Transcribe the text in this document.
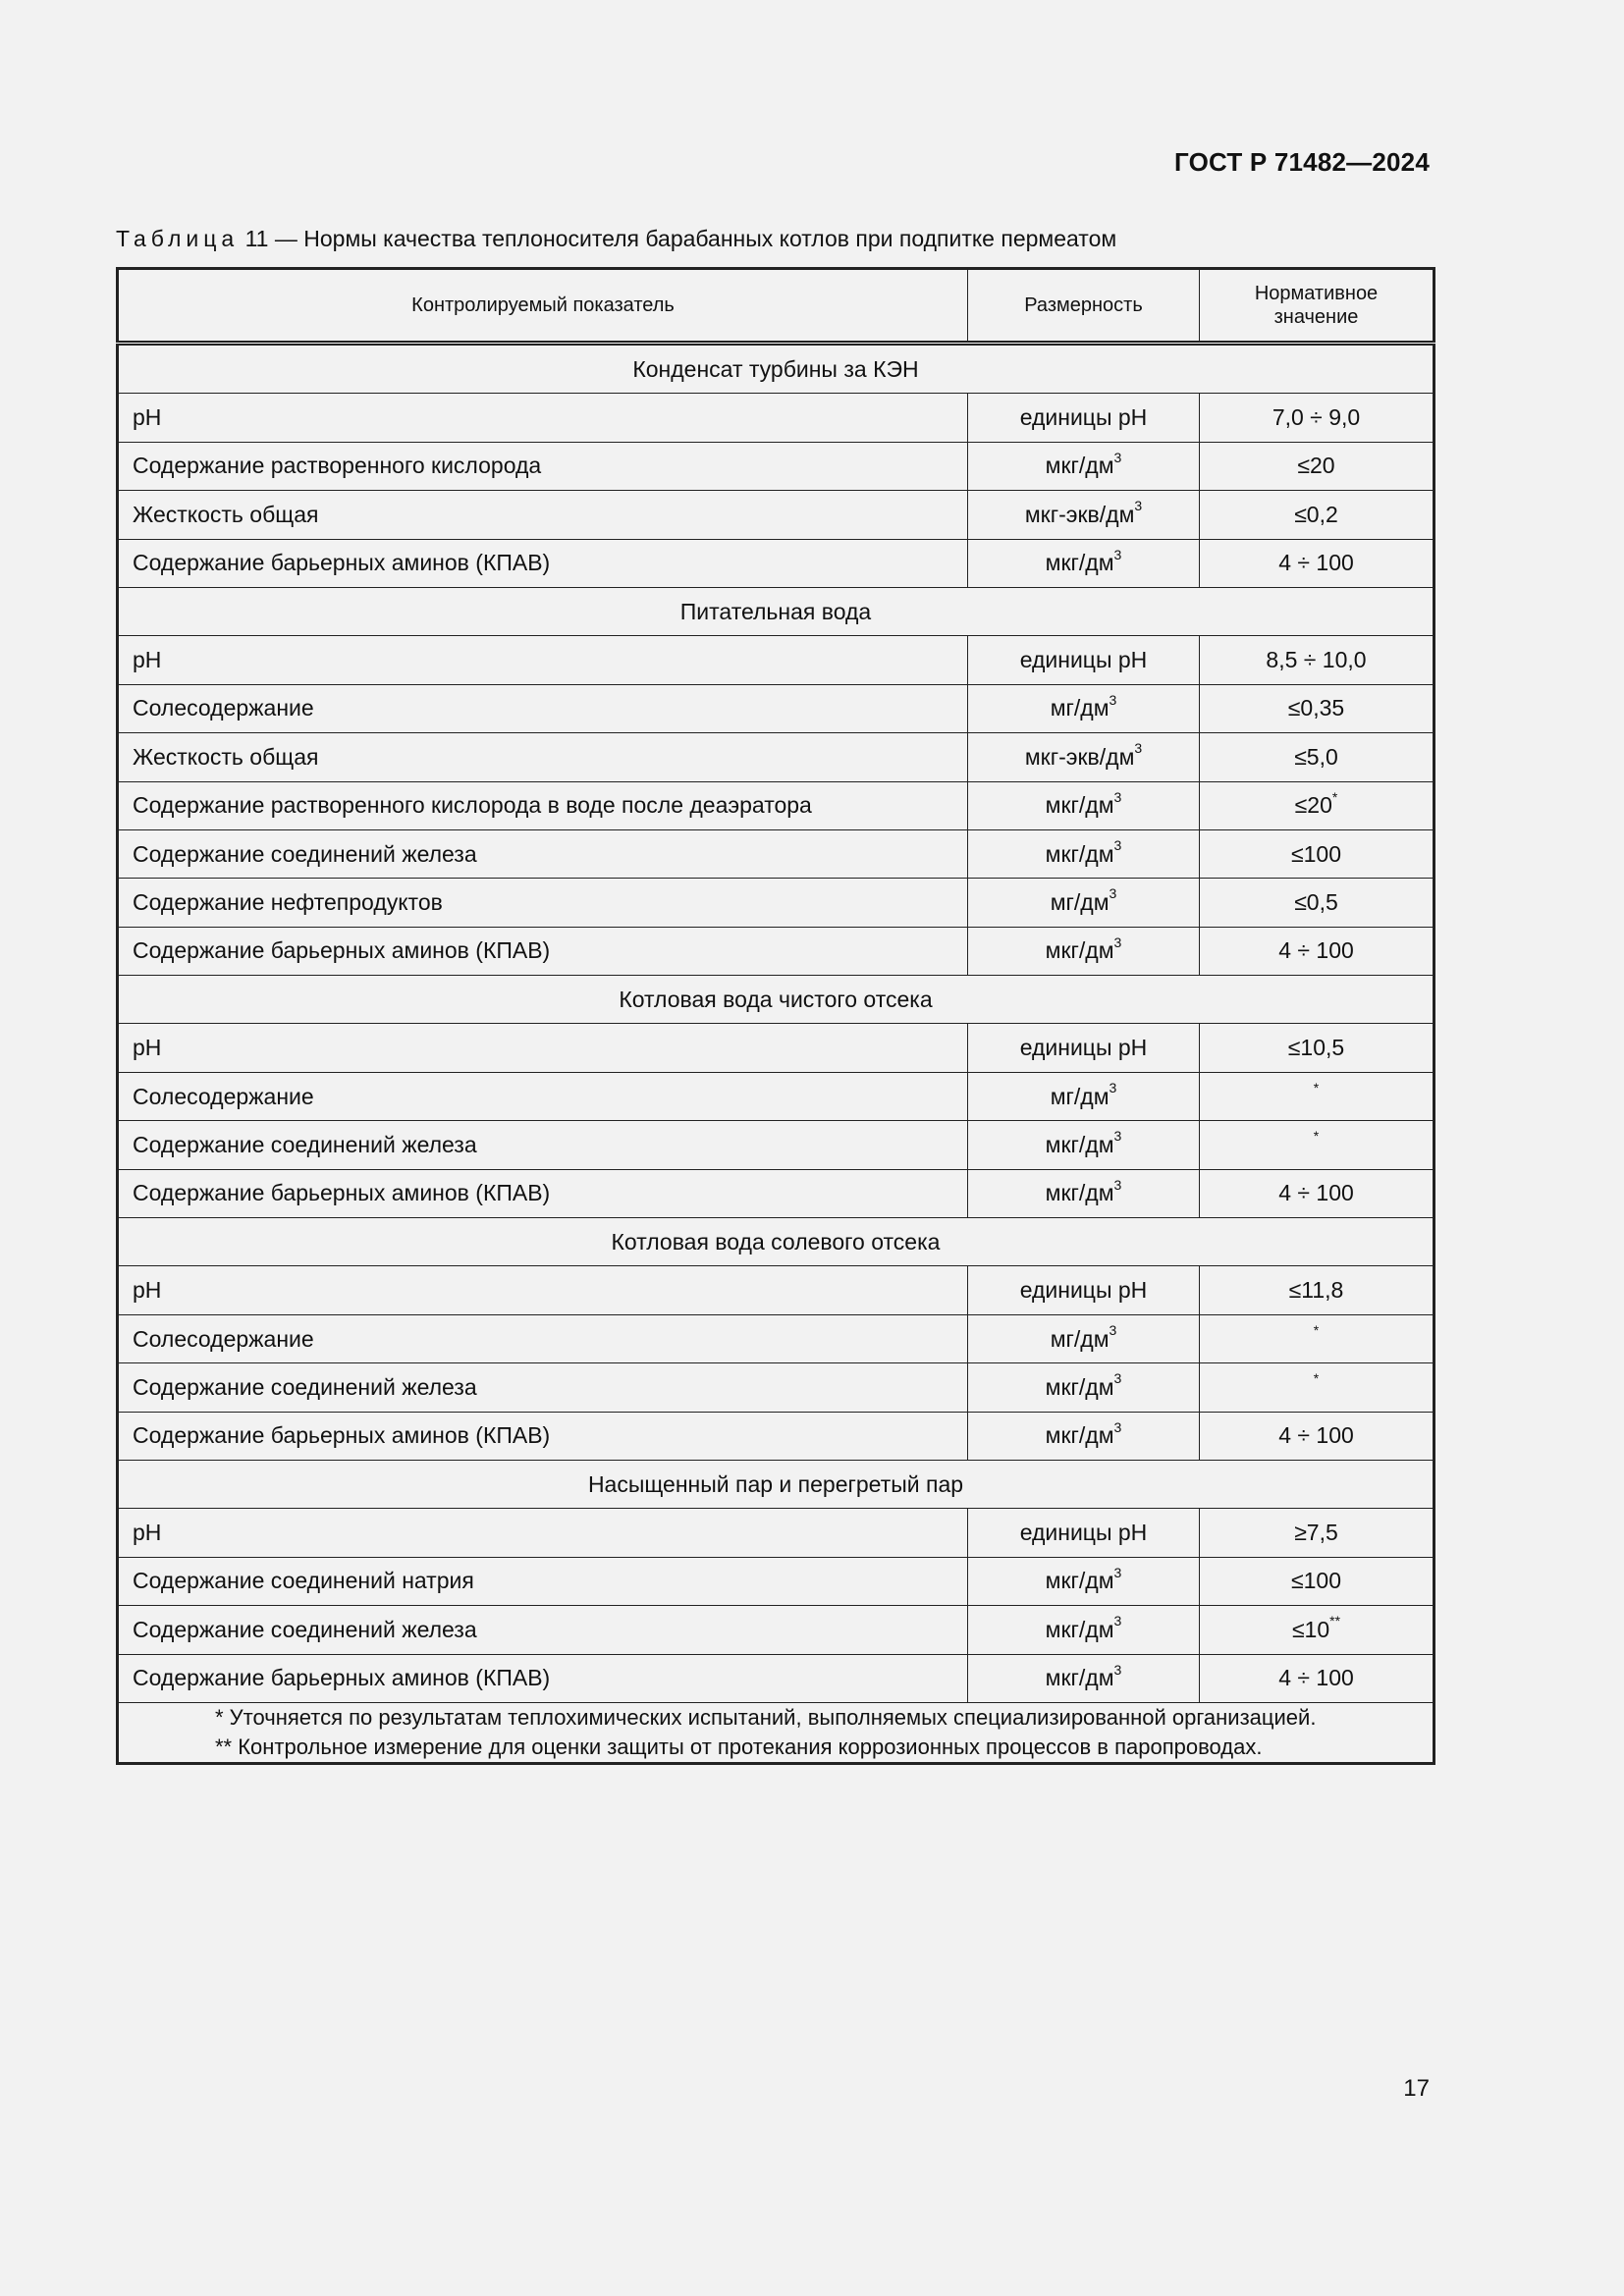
ГОСТ Р 71482—2024
Таблица 11 — Нормы качества теплоносителя барабанных котлов при подпитке пермеатом
Контролируемый показатель	Размерность	Нормативное
значение
Конденсат турбины за КЭН		
pH	единицы pH	7,0 ÷ 9,0
Содержание растворенного кислорода	мкг/$дм^3$	≤20
Жесткость общая	мкг-$экв/дм^3$	≤0,2
Содержание барьерных аминов (КПАВ)	мкг/$дм^3$	4 ÷ 100
Питательная вода		
pH	единицы pH	8,5 ÷ 10,0
Солесодержание	$мг/дм^3$	≤0,35
Жесткость общая	мкг-$экв/дм^3$	≤5,0
Содержание растворенного кислорода в воде после деаэратора	мкг/$дм^3$	≤20*
Содержание соединений железа	мкг/$дм^3$	≤100
Содержание нефтепродуктов	$мг/дм^3$	≤0,5
Содержание барьерных аминов (КПАВ)	мкг/$дм^3$	4 ÷ 100
Котловая вода чистого отсека		
pH	единицы pH	≤10,5
Солесодержание	$мг/дм^3$	*
Содержание соединений железа	мкг/$дм^3$	*
Содержание барьерных аминов (КПАВ)	мкг/$дм^3$	4 ÷ 100
Котловая вода солевого отсека		
pH	единицы pH	≤11,8
Солесодержание	$мг/дм^3$	*
Содержание соединений железа	мкг/$дм^3$	*
Содержание барьерных аминов (КПАВ)	мкг/$дм^3$	4 ÷ 100
Насыщенный пар и перегретый пар		
pH	единицы pH	≥7,5
Содержание соединений натрия	мкг/$дм^3$	≤100
Содержание соединений железа	мкг/$дм^3$	≤10**
Содержание барьерных аминов (КПАВ)	мкг/$дм^3$	4 ÷ 100

* Уточняется по результатам теплохимических испытаний, выполняемых специализированной организацией.
** Контрольное измерение для оценки защиты от протекания коррозионных процессов в паропроводах.		
17
